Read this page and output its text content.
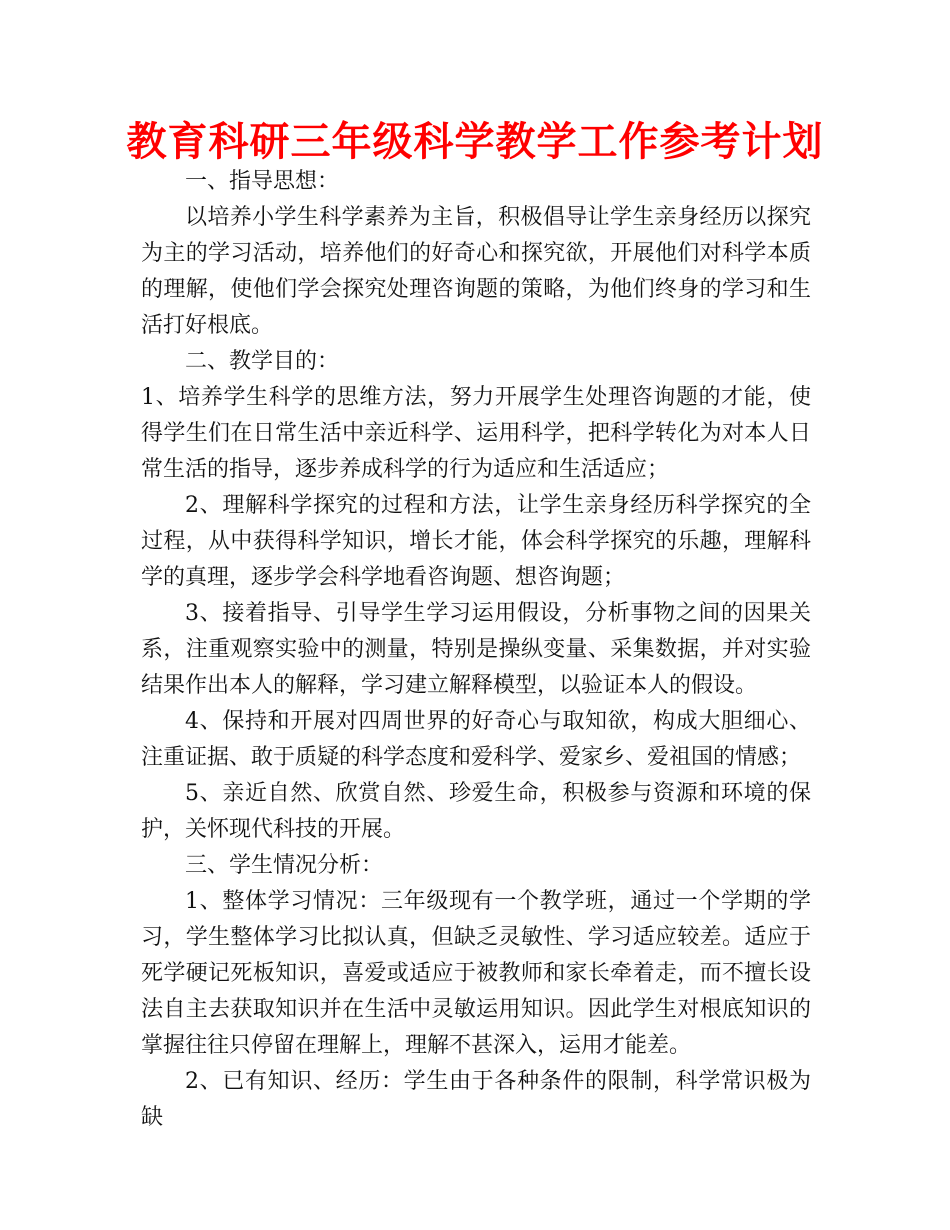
教育科研三年级科学教学工作参考计划

一、指导思想：

以培养小学生科学素养为主旨，积极倡导让学生亲身经历以探究为主的学习活动，培养他们的好奇心和探究欲，开展他们对科学本质的理解，使他们学会探究处理咨询题的策略，为他们终身的学习和生活打好根底。

二、教学目的：

1、培养学生科学的思维方法，努力开展学生处理咨询题的才能，使得学生们在日常生活中亲近科学、运用科学，把科学转化为对本人日常生活的指导，逐步养成科学的行为适应和生活适应；

2、理解科学探究的过程和方法，让学生亲身经历科学探究的全过程，从中获得科学知识，增长才能，体会科学探究的乐趣，理解科学的真理，逐步学会科学地看咨询题、想咨询题；

3、接着指导、引导学生学习运用假设，分析事物之间的因果关系，注重观察实验中的测量，特别是操纵变量、采集数据，并对实验结果作出本人的解释，学习建立解释模型，以验证本人的假设。

4、保持和开展对四周世界的好奇心与取知欲，构成大胆细心、注重证据、敢于质疑的科学态度和爱科学、爱家乡、爱祖国的情感；

5、亲近自然、欣赏自然、珍爱生命，积极参与资源和环境的保护，关怀现代科技的开展。

三、学生情况分析：

1、整体学习情况：三年级现有一个教学班，通过一个学期的学习，学生整体学习比拟认真，但缺乏灵敏性、学习适应较差。适应于死学硬记死板知识，喜爱或适应于被教师和家长牵着走，而不擅长设法自主去获取知识并在生活中灵敏运用知识。因此学生对根底知识的掌握往往只停留在理解上，理解不甚深入，运用才能差。

2、已有知识、经历：学生由于各种条件的限制，科学常识极为缺
